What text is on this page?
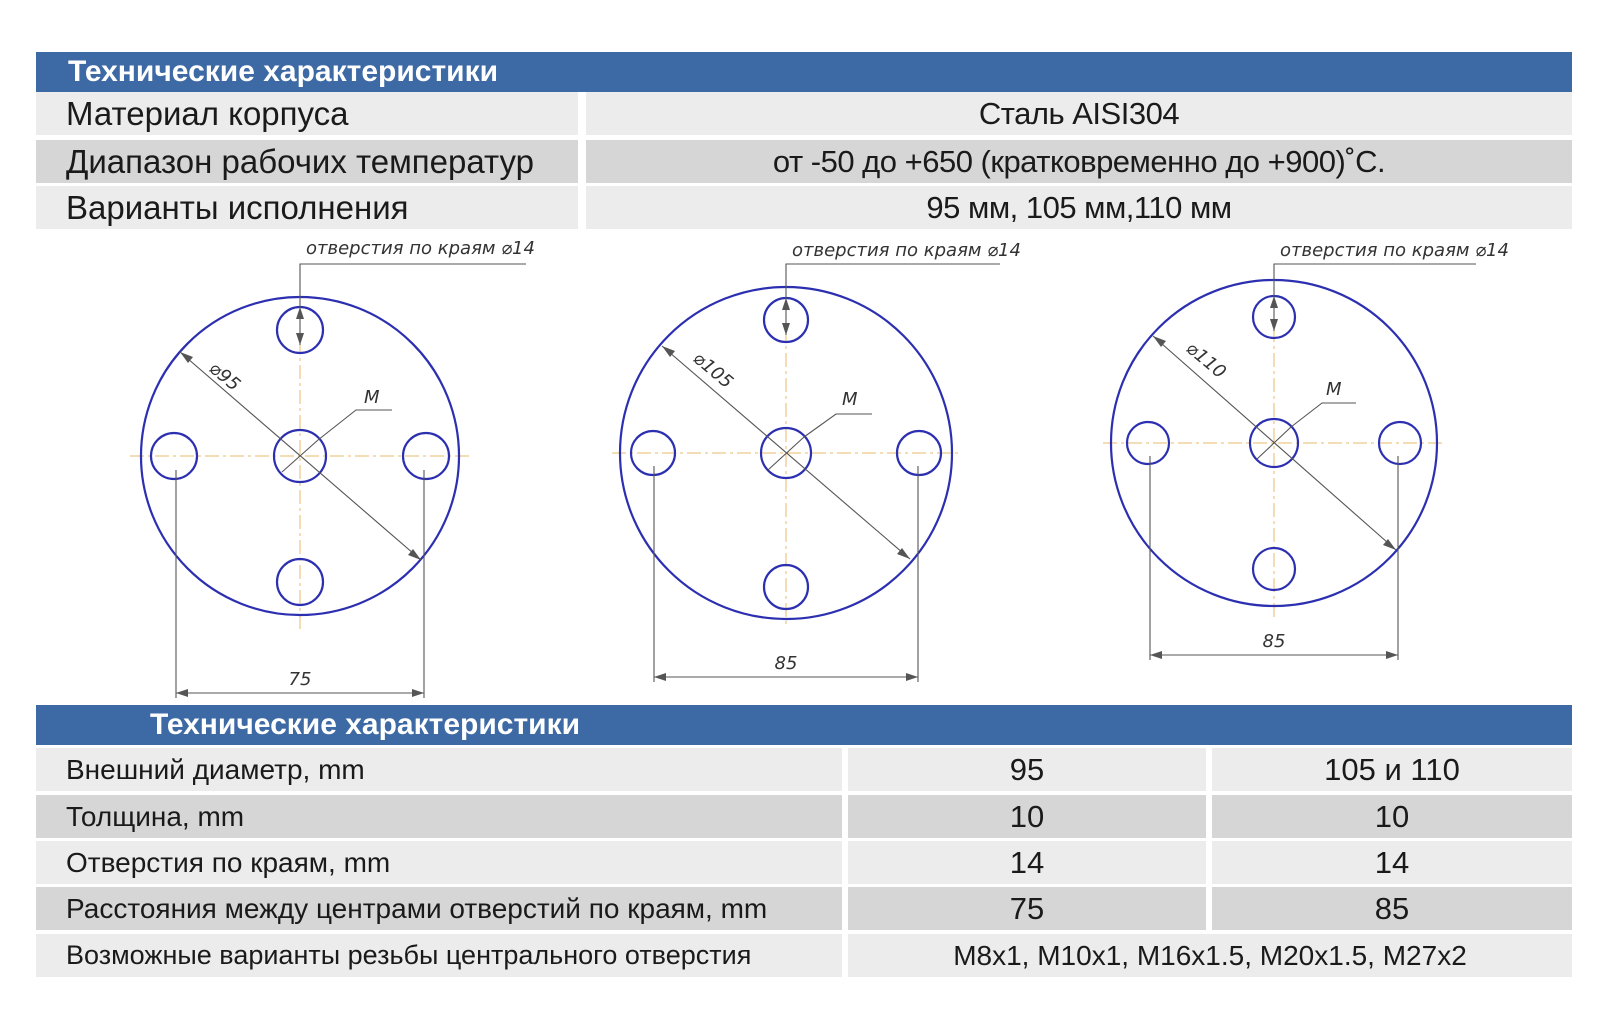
Технические характеристики
Материал корпуса	Сталь AISI304
Диапазон рабочих температур	от -50 до +650 (кратковременно до +900)˚С.
Варианты исполнения	95 мм, 105 мм,110 мм
⌀95
M
отверстия по краям ⌀14
75
⌀105
M
отверстия по краям ⌀14
85
⌀110
M
отверстия по краям ⌀14
85
Технические характеристики
Внешний диаметр, mm	95	105 и 110
Толщина, mm	10	10
Отверстия по краям, mm	14	14
Расстояния между центрами отверстий по краям, mm	75	85
Возможные варианты резьбы центрального отверстия	M8x1, M10x1, M16x1.5, M20x1.5, M27x2
